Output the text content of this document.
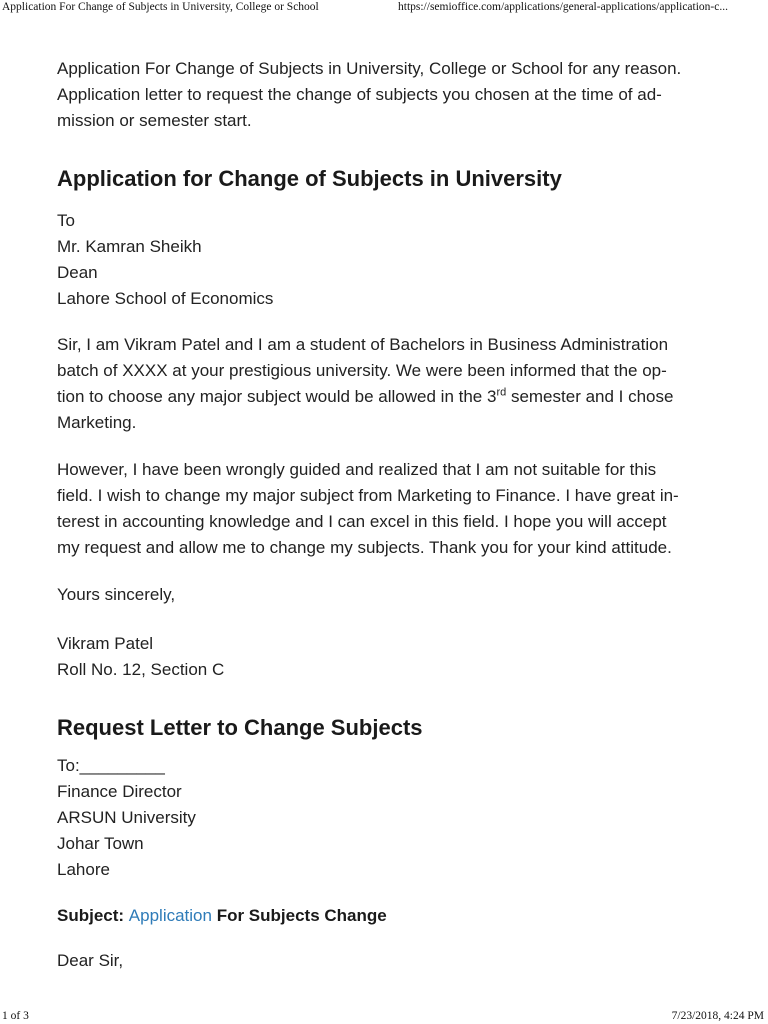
Application For Change of Subjects in University, College or School	https://semioffice.com/applications/general-applications/application-c...

Application For Change of Subjects in University, College or School for any reason.

Application letter to request the change of subjects you chosen at the time of ad-

mission or semester start.

Application for Change of Subjects in University

To

Mr. Kamran Sheikh

Dean

Lahore School of Economics

Sir, I am Vikram Patel and I am a student of Bachelors in Business Administration

batch of XXXX at your prestigious university. We were been informed that the op-

tion to choose any major subject would be allowed in the 3rd semester and I chose

Marketing.

However, I have been wrongly guided and realized that I am not suitable for this

field. I wish to change my major subject from Marketing to Finance. I have great in-

terest in accounting knowledge and I can excel in this field. I hope you will accept

my request and allow me to change my subjects. Thank you for your kind attitude.

Yours sincerely,

Vikram Patel

Roll No. 12, Section C

Request Letter to Change Subjects

To:_________

Finance Director

ARSUN University

Johar Town

Lahore

Subject: Application For Subjects Change

Dear Sir,

1 of 3	7/23/2018, 4:24 PM
